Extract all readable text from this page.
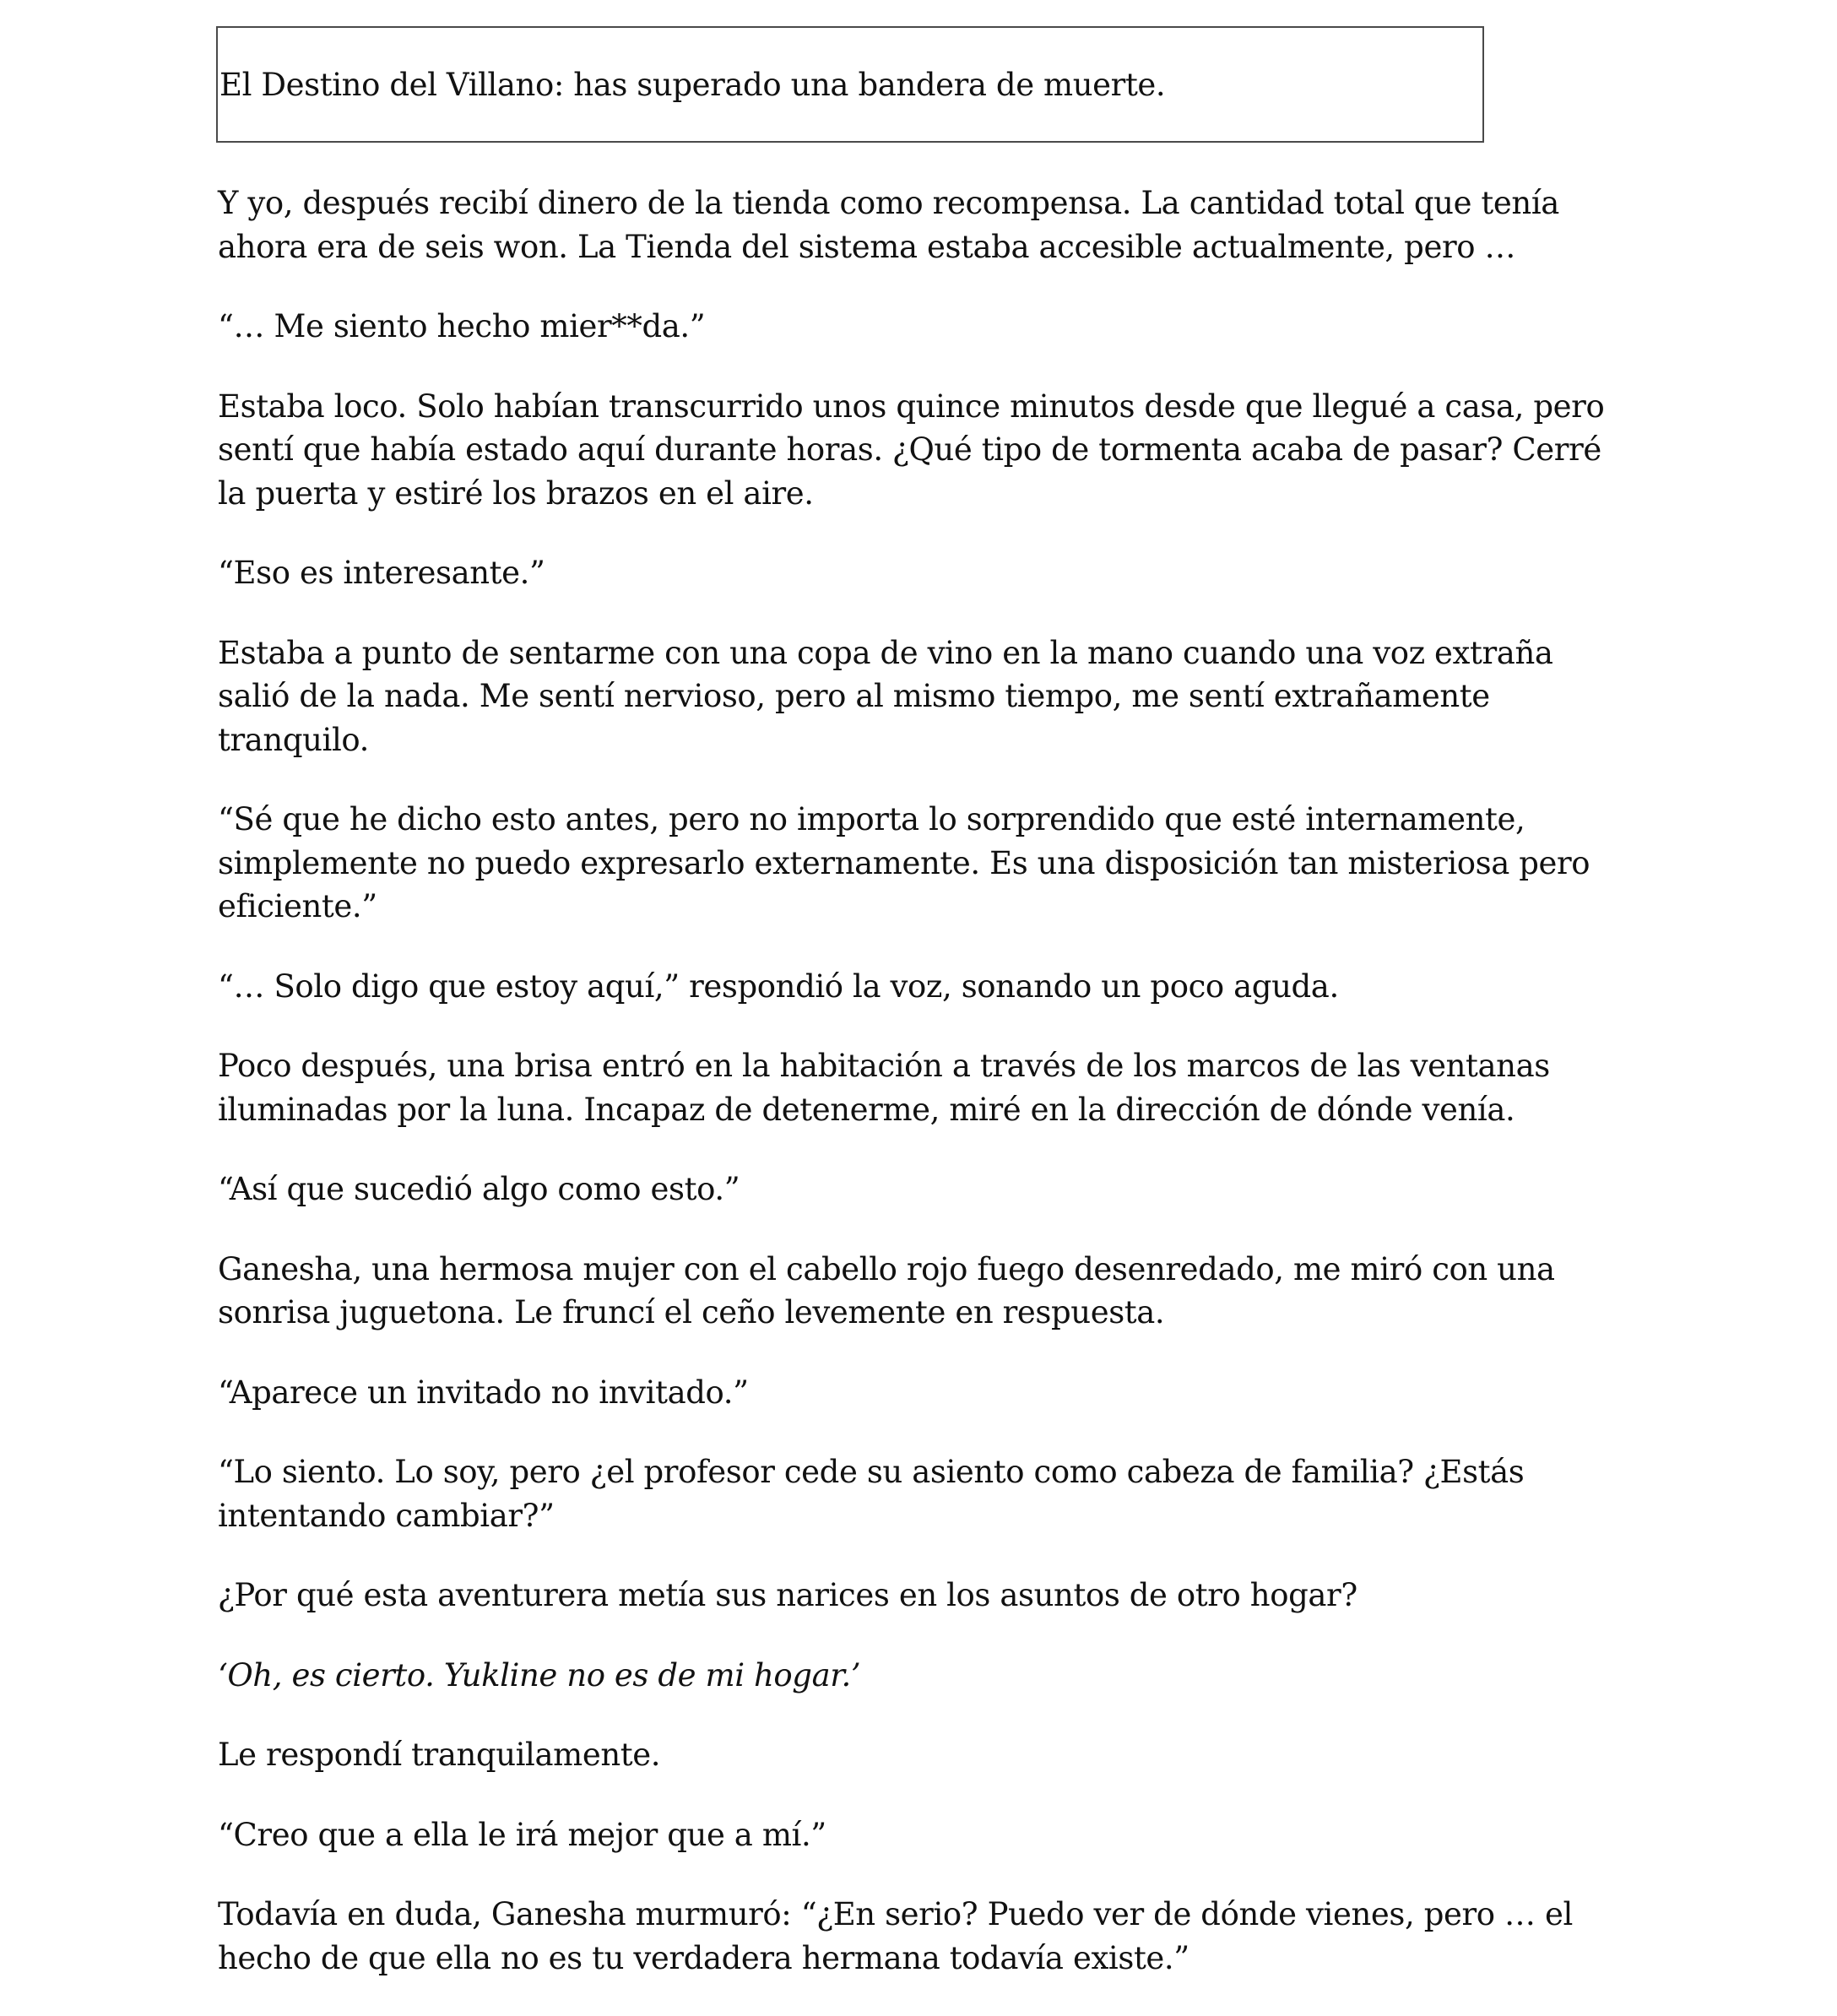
El Destino del Villano: has superado una bandera de muerte.

Y yo, después recibí dinero de la tienda como recompensa. La cantidad total que tenía ahora era de seis won. La Tienda del sistema estaba accesible actualmente, pero …

“… Me siento hecho mier**da.”

Estaba loco. Solo habían transcurrido unos quince minutos desde que llegué a casa, pero sentí que había estado aquí durante horas. ¿Qué tipo de tormenta acaba de pasar? Cerré la puerta y estiré los brazos en el aire.

“Eso es interesante.”

Estaba a punto de sentarme con una copa de vino en la mano cuando una voz extraña salió de la nada. Me sentí nervioso, pero al mismo tiempo, me sentí extrañamente tranquilo.

“Sé que he dicho esto antes, pero no importa lo sorprendido que esté internamente, simplemente no puedo expresarlo externamente. Es una disposición tan misteriosa pero eficiente.”

“… Solo digo que estoy aquí,” respondió la voz, sonando un poco aguda.

Poco después, una brisa entró en la habitación a través de los marcos de las ventanas iluminadas por la luna. Incapaz de detenerme, miré en la dirección de dónde venía.

“Así que sucedió algo como esto.”

Ganesha, una hermosa mujer con el cabello rojo fuego desenredado, me miró con una sonrisa juguetona. Le fruncí el ceño levemente en respuesta.

“Aparece un invitado no invitado.”

“Lo siento. Lo soy, pero ¿el profesor cede su asiento como cabeza de familia? ¿Estás intentando cambiar?”

¿Por qué esta aventurera metía sus narices en los asuntos de otro hogar?

‘Oh, es cierto. Yukline no es de mi hogar.’

Le respondí tranquilamente.

“Creo que a ella le irá mejor que a mí.”

Todavía en duda, Ganesha murmuró: “¿En serio? Puedo ver de dónde vienes, pero … el hecho de que ella no es tu verdadera hermana todavía existe.”
